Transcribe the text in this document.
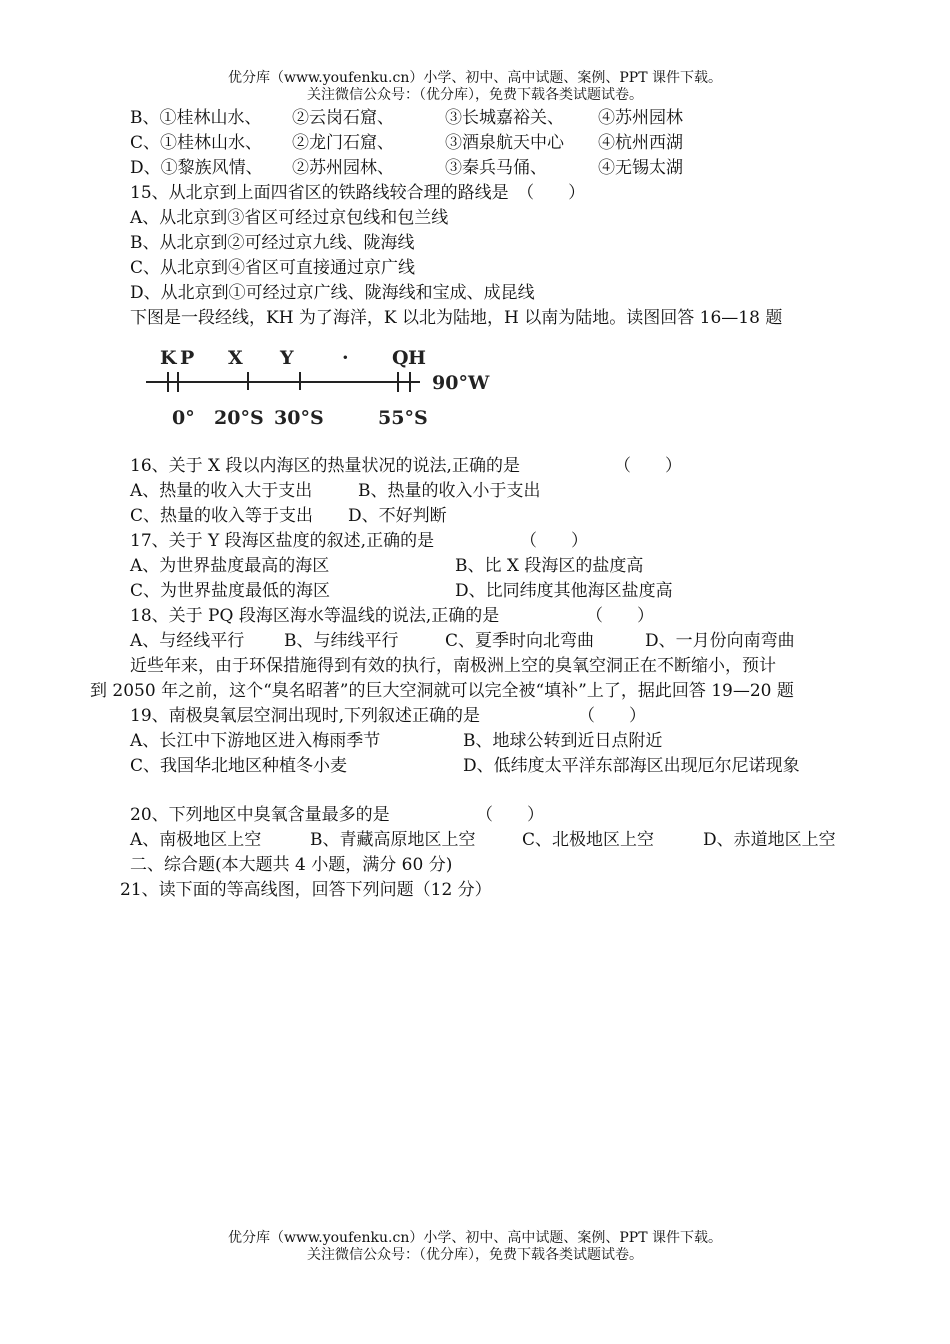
优分库（www.youfenku.cn）小学、初中、高中试题、案例、PPT 课件下载。
关注微信公众号：（优分库），免费下载各类试题试卷。
B、①桂林山水、 ②云岗石窟、	③长城嘉裕关、 ④苏州园林
C、①桂林山水、 ②龙门石窟、	③酒泉航天中心 ④杭州西湖
D、①黎族风情、 ②苏州园林、	③秦兵马俑、	④无锡太湖
15、从北京到上面四省区的铁路线较合理的路线是　（　　）
A、从北京到③省区可经过京包线和包兰线
B、从北京到②可经过京九线、陇海线
C、从北京到④省区可直接通过京广线
D、从北京到①可经过京广线、陇海线和宝成、成昆线
下图是一段经线，KH 为了海洋，K 以北为陆地，H 以南为陆地。读图回答 16—18 题
K P X Y	· Q H
90°W
0° 20°S 30°S	55°S
16、关于 X 段以内海区的热量状况的说法,正确的是	（　　）
A、热量的收入大于支出	B、热量的收入小于支出
C、热量的收入等于支出 D、不好判断
17、关于 Y 段海区盐度的叙述,正确的是	（　　）
A、为世界盐度最高的海区	B、比 X 段海区的盐度高
C、为世界盐度最低的海区	D、比同纬度其他海区盐度高
18、关于 PQ 段海区海水等温线的说法,正确的是	（　　）
A、与经线平行 B、与纬线平行	C、夏季时向北弯曲	D、一月份向南弯曲
近些年来，由于环保措施得到有效的执行，南极洲上空的臭氧空洞正在不断缩小，预计
到 2050 年之前，这个“臭名昭著”的巨大空洞就可以完全被“填补”上了，据此回答 19—20 题
19、南极臭氧层空洞出现时,下列叙述正确的是	（　　）
A、长江中下游地区进入梅雨季节	B、地球公转到近日点附近
C、我国华北地区种植冬小麦	D、低纬度太平洋东部海区出现厄尔尼诺现象
20、下列地区中臭氧含量最多的是	（　　）
A、南极地区上空	B、青藏高原地区上空	C、北极地区上空	D、赤道地区上空
二、综合题(本大题共 4 小题，满分 60 分)
21、读下面的等高线图，回答下列问题（12 分）
优分库（www.youfenku.cn）小学、初中、高中试题、案例、PPT 课件下载。
关注微信公众号：（优分库），免费下载各类试题试卷。
